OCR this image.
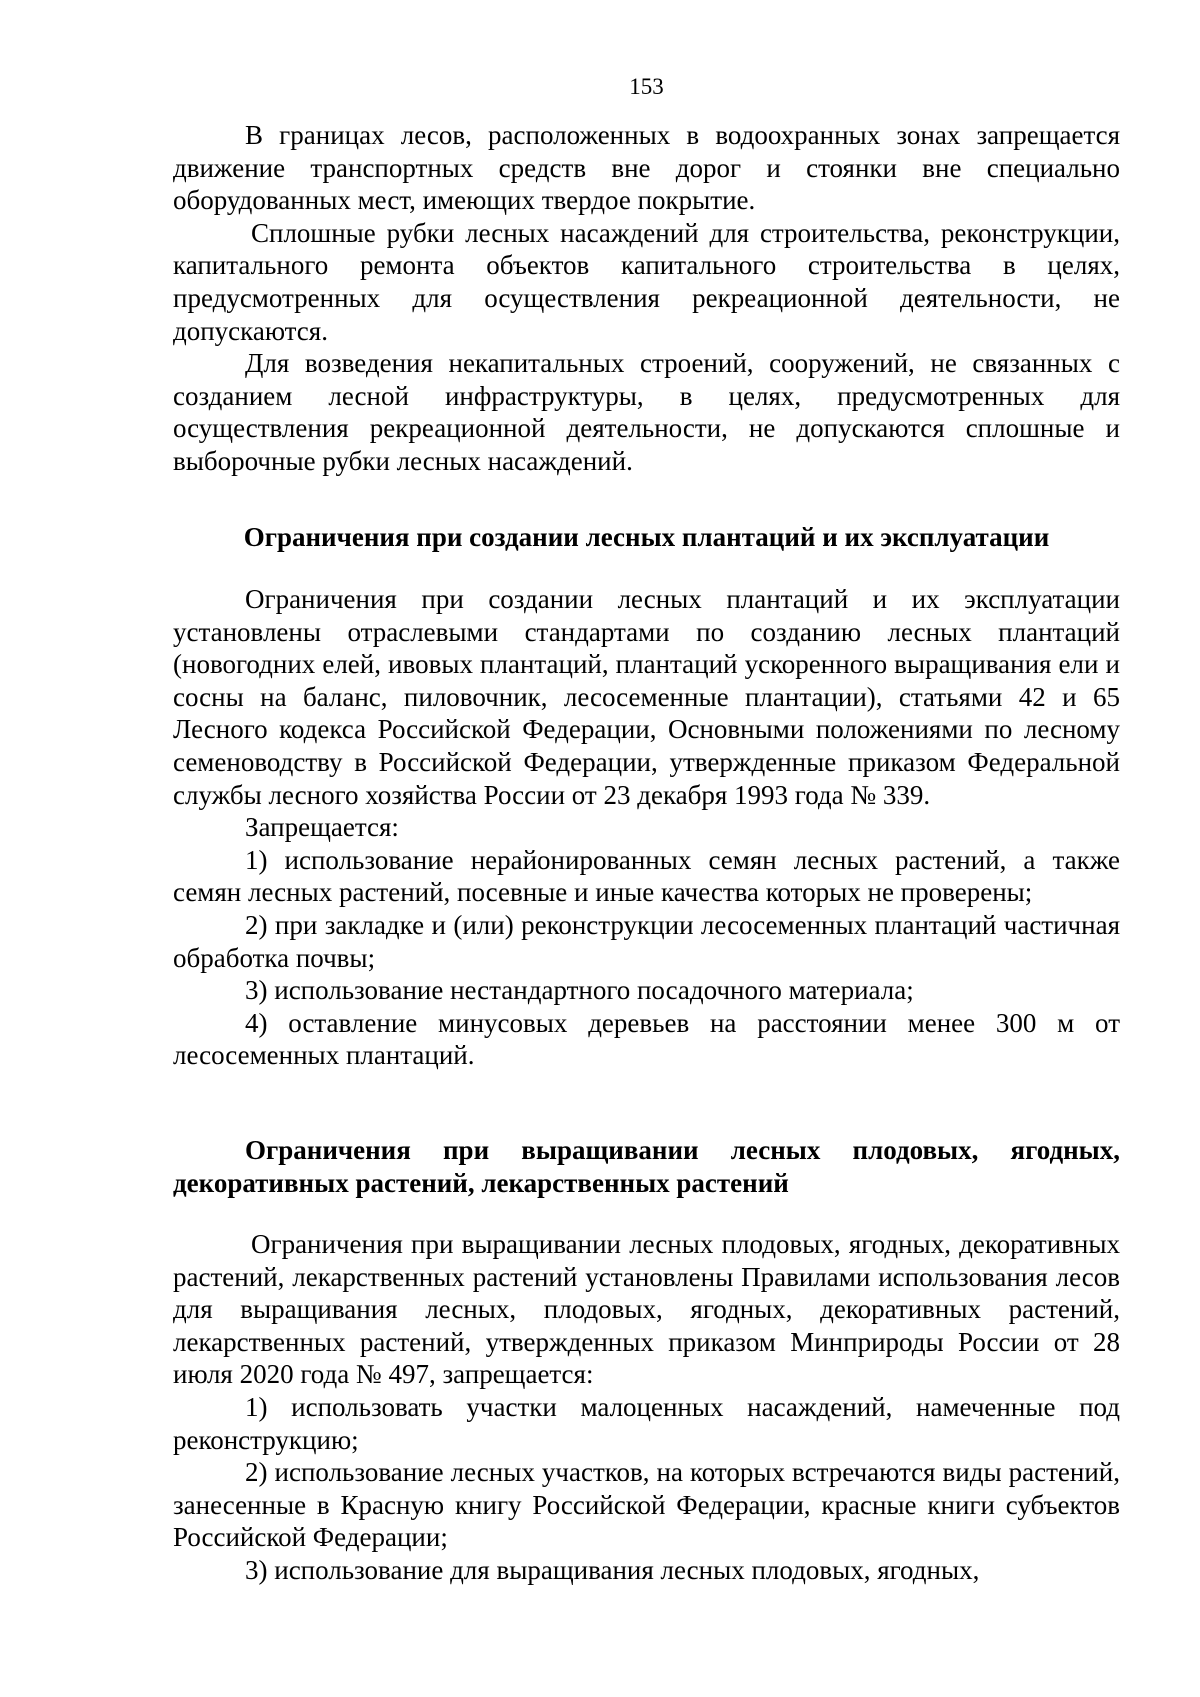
153

В границах лесов, расположенных в водоохранных зонах запрещается движение транспортных средств вне дорог и стоянки вне специально оборудованных мест, имеющих твердое покрытие.

Сплошные рубки лесных насаждений для строительства, реконструкции, капитального ремонта объектов капитального строительства в целях, предусмотренных для осуществления рекреационной деятельности, не допускаются.

Для возведения некапитальных строений, сооружений, не связанных с созданием лесной инфраструктуры, в целях, предусмотренных для осуществления рекреационной деятельности, не допускаются сплошные и выборочные рубки лесных насаждений.

Ограничения при создании лесных плантаций и их эксплуатации

Ограничения при создании лесных плантаций и их эксплуатации установлены отраслевыми стандартами по созданию лесных плантаций (новогодних елей, ивовых плантаций, плантаций ускоренного выращивания ели и сосны на баланс, пиловочник, лесосеменные плантации), статьями 42 и 65 Лесного кодекса Российской Федерации, Основными положениями по лесному семеноводству в Российской Федерации, утвержденные приказом Федеральной службы лесного хозяйства России от 23 декабря 1993 года № 339.

Запрещается:

1) использование нерайонированных семян лесных растений, а также семян лесных растений, посевные и иные качества которых не проверены;

2) при закладке и (или) реконструкции лесосеменных плантаций частичная обработка почвы;

3) использование нестандартного посадочного материала;

4) оставление минусовых деревьев на расстоянии менее 300 м от лесосеменных плантаций.

Ограничения при выращивании лесных плодовых, ягодных, декоративных растений, лекарственных растений

Ограничения при выращивании лесных плодовых, ягодных, декоративных растений, лекарственных растений установлены Правилами использования лесов для выращивания лесных, плодовых, ягодных, декоративных растений, лекарственных растений, утвержденных приказом Минприроды России от 28 июля 2020 года № 497, запрещается:

1) использовать участки малоценных насаждений, намеченные под реконструкцию;

2) использование лесных участков, на которых встречаются виды растений, занесенные в Красную книгу Российской Федерации, красные книги субъектов Российской Федерации;

3) использование для выращивания лесных плодовых, ягодных,
